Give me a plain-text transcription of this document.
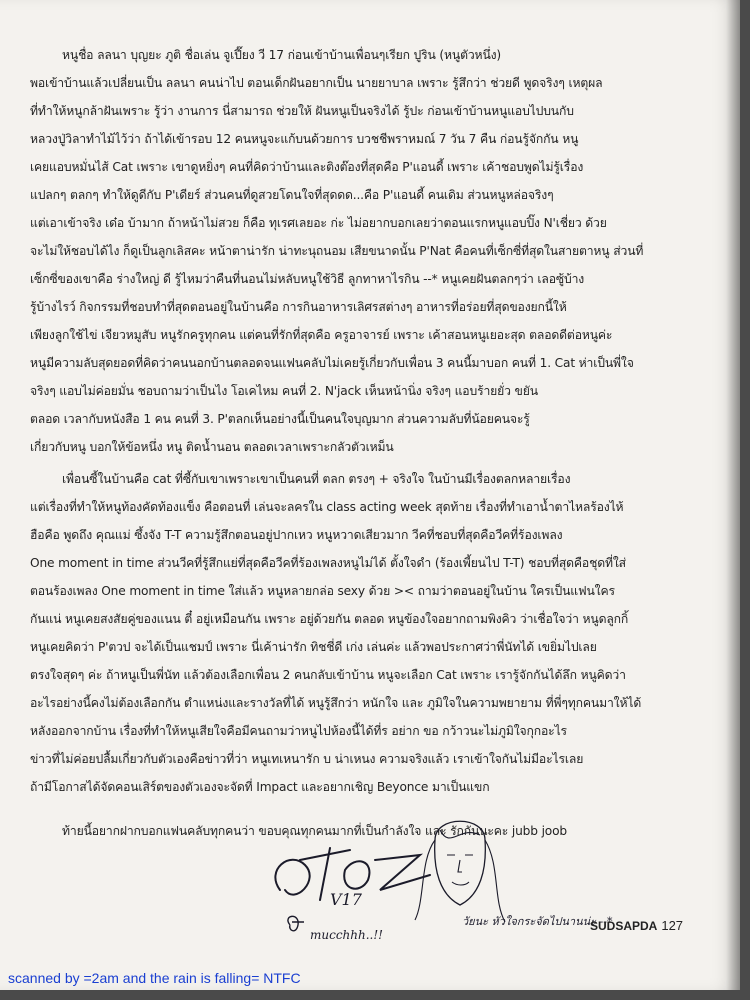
หนูชื่อ ลลนา บุญยะ ภูติ ชื่อเล่น จูเปี๊ยง วี 17 ก่อนเข้าบ้านเพื่อนๆเรียก ปูริน (หนูตัวหนึ่ง)
พอเข้าบ้านแล้วเปลี่ยนเป็น ลลนา คนน่าไป ตอนเด็กฝันอยากเป็น นายยาบาล เพราะ รู้สึกว่า ช่วยดี พูดจริงๆ เหตุผล
ที่ทำให้หนูกล้าฝันเพราะ รู้ว่า งานการ นี่สามารถ ช่วยให้ ฝันหนูเป็นจริงได้ รู้ปะ ก่อนเข้าบ้านหนูแอบไปบนกับ
หลวงปู่วิลาทำไม้ไว้ว่า ถ้าได้เข้ารอบ 12 คนหนูจะแก้บนด้วยการ บวชชีพราหมณ์ 7 วัน 7 คืน ก่อนรู้จักกัน หนู
เคยแอบหมั่นไส้ Cat เพราะ เขาดูหยิ่งๆ คนที่คิดว่าบ้านและติงต๊องที่สุดคือ P'แอนดี้ เพราะ เค้าชอบพูดไม่รู้เรื่อง
แปลกๆ ตลกๆ ทำให้ดูดีกับ P'เดียร์ ส่วนคนที่ดูสวยโดนใจที่สุดดด...คือ P'แอนดี้ คนเดิม ส่วนหนูหล่อจริงๆ
แต่เอาเข้าจริง เด๋อ บ้ามาก ถ้าหน้าไม่สวย ก็คือ ทุเรศเลยอะ ก่ะ ไม่อยากบอกเลยว่าตอนแรกหนูแอบปิ๊ง N'เชี่ยว ด้วย
จะไม่ให้ชอบได้ไง ก็ดูเป็นลูกเลิสคะ หน้าตาน่ารัก น่าทะนุถนอม เสียขนาดนั้น P'Nat คือคนที่เซ็กซี่ที่สุดในสายตาหนู ส่วนที่
เซ็กซี่ของเขาคือ ร่างใหญ่ ดี รู้ไหมว่าคืนที่นอนไม่หลับหนูใช้วิธี ลูกทาหาไรกิน --* หนูเคยฝันตลกๆว่า เลอซู้บ้าง
รู้บ้างไรว์ กิจกรรมที่ชอบทำที่สุดตอนอยู่ในบ้านคือ การกินอาหารเลิศรสต่างๆ อาหารที่อร่อยที่สุดของยกนี้ให้
เพียงลูกใช้ไข่ เจียวหมูสับ หนูรักครูทุกคน แต่คนที่รักที่สุดคือ ครูอาจารย์ เพราะ เค้าสอนหนูเยอะสุด ตลอดดีต่อหนูค่ะ
หนูมีความลับสุดยอดที่คิดว่าคนนอกบ้านตลอดจนแฟนคลับไม่เคยรู้เกี่ยวกับเพื่อน 3 คนนี้มาบอก คนที่ 1. Cat ห่าเป็นพี่ใจ
จริงๆ แอบไม่ค่อยมั่น ชอบถามว่าเป็นไง โอเคไหม คนที่ 2. N'jack เห็นหน้านิ่ง จริงๆ แอบร้ายยั่ว ขยัน
ตลอด เวลากับหนังสือ 1 คน คนที่ 3. P'ตลกเห็นอย่างนี้เป็นคนใจบุญมาก ส่วนความลับที่น้อยคนจะรู้
เกี่ยวกับหนู บอกให้ข้อหนึ่ง หนู ติดน้ำนอน ตลอดเวลาเพราะกลัวตัวเหม็น
เพื่อนซี้ในบ้านคือ cat ที่ซี้กับเขาเพราะเขาเป็นคนที่ ตลก ตรงๆ + จริงใจ ในบ้านมีเรื่องตลกหลายเรื่อง
แต่เรื่องที่ทำให้หนูท้องคัดท้องแข็ง คือตอนที่ เล่นจะลครใน class acting week สุดท้าย เรื่องที่ทำเอาน้ำตาไหลร้องไห้
ฮือคือ พูดถึง คุณแม่ ซึ้งจัง T-T ความรู้สึกตอนอยู่ปากเหว หนูหวาดเสียวมาก วีคที่ชอบที่สุดคือวีคที่ร้องเพลง
One moment in time ส่วนวีคที่รู้สึกแย่ที่สุดคือวีคที่ร้องเพลงหนูไม่ได้ ตั้งใจดำ (ร้องเพี้ยนไป T-T) ชอบที่สุดคือชุดที่ใส่
ตอนร้องเพลง One moment in time ใส่แล้ว หนูหลายกล่อ sexy ด้วย >< ถามว่าตอนอยู่ในบ้าน ใครเป็นแฟนใคร
กันแน่ หนูเคยสงสัยคู่ของแนน ตี๋ อยู่เหมือนกัน เพราะ อยู่ด้วยกัน ตลอด หนูข้องใจอยากถามพิงคิว ว่าเชื่อใจว่า หนูดลูกกิ้
หนูเคยคิดว่า P'ตวป จะได้เป็นแชมป์ เพราะ นี่เค้าน่ารัก ทิชชี่ดี เก่ง เล่นค่ะ แล้วพอประกาศว่าพี่นัทได้ เขยิ่มไปเลย
ตรงใจสุดๆ ค่ะ ถ้าหนูเป็นพี่นัท แล้วต้องเลือกเพื่อน 2 คนกลับเข้าบ้าน หนูจะเลือก Cat เพราะ เรารู้จักกันได้ลึก หนูคิดว่า
อะไรอย่างนี้คงไม่ต้องเลือกกัน ตำแหน่งและรางวัลที่ได้ หนูรู้สึกว่า หนักใจ และ ภูมิใจในความพยายาม ที่พี่ๆทุกคนมาให้ได้
หลังออกจากบ้าน เรื่องที่ทำให้หนูเสียใจคือมีคนถามว่าหนูไปห้องนี้ได้ที่ร อย่าก ขอ กว้าวนะไม่ภูมิใจกุกอะไร
ข่าวที่ไม่ค่อยปลื้มเกี่ยวกับตัวเองคือข่าวที่ว่า หนูเทเหนารัก บ น่าเหนง ความจริงแล้ว เราเข้าใจกันไม่มีอะไรเลย
ถ้ามีโอกาสได้จัดคอนเสิร์ตของตัวเองจะจัดที่ Impact และอยากเชิญ Beyonce มาเป็นแขก
ท้ายนี้อยากฝากบอกแฟนคลับทุกคนว่า ขอบคุณทุกคนมากที่เป็นกำลังใจ และ รักกันนะคะ jubb joob
V17
mucchhh..!!
วัยนะ หัวใจกระจัดไปนานน่ะ --*
SUDSAPDA 127
scanned by =2am and the rain is falling= NTFC
